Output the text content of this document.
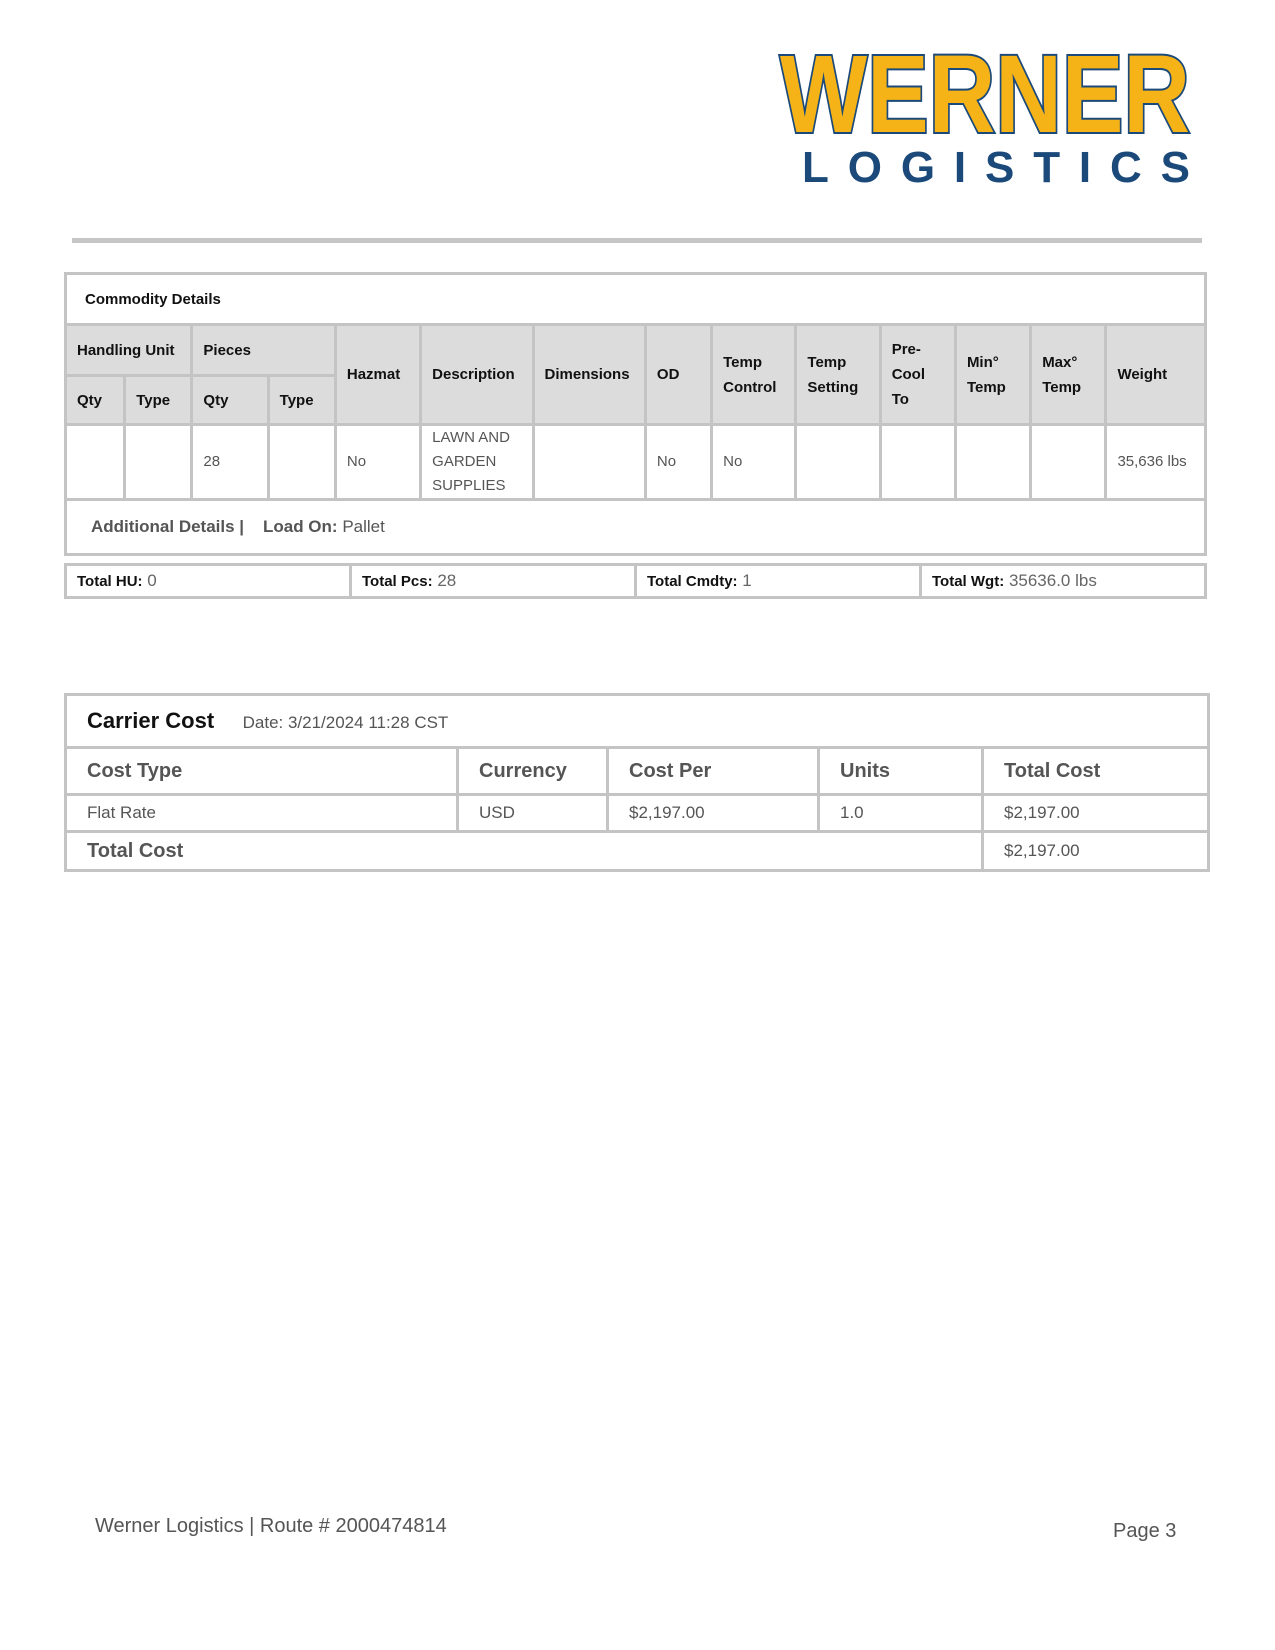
WERNER
LOGISTICS
Commodity Details													
Handling Unit		Pieces		Hazmat	Description	Dimensions	OD	Temp Control	Temp Setting	Pre-Cool To	Min° Temp	Max° Temp	Weight
Qty	Type	Qty	Type										
		28		No	LAWN AND GARDEN SUPPLIES		No	No					35,636 lbs
Additional Details | Load On: Pallet													
Total HU: 0	Total Pcs: 28	Total Cmdty: 1	Total Wgt: 35636.0 lbs
Carrier Cost Date: 3/21/2024 11:28 CST				
Cost Type	Currency	Cost Per	Units	Total Cost
Flat Rate	USD	$2,197.00	1.0	$2,197.00
Total Cost				$2,197.00
Werner Logistics | Route # 2000474814	Page 3
